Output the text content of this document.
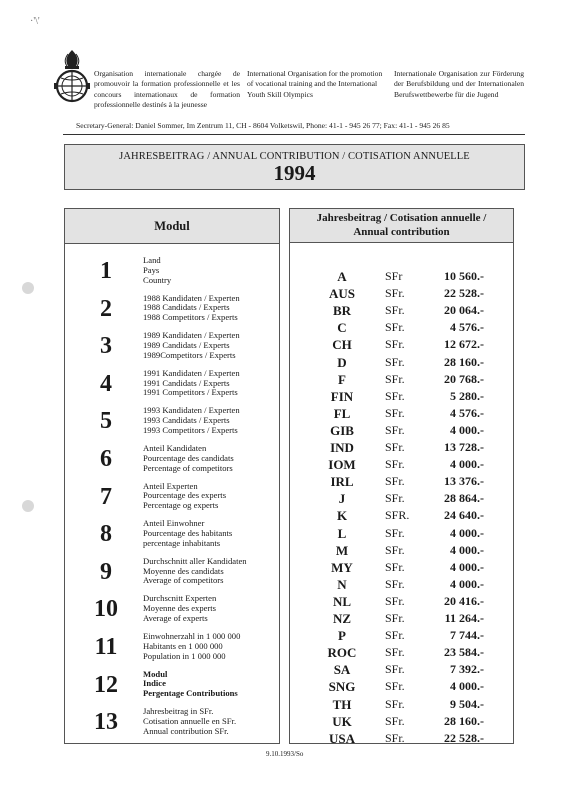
·'\'
Organisation internationale chargée de promouvoir la formation professionnelle et les concours internationaux de formation professionnelle destinés à la jeunesse
International Organisation for the promotion of vocational training and the International Youth Skill Olympics
Internationale Organisation zur Förderung der Berufsbildung und der Internationalen Berufswettbewerbe für die Jugend
Secretary-General: Daniel Sommer, Im Zentrum 11, CH - 8604 Volketswil, Phone: 41-1 - 945 26 77; Fax: 41-1 - 945 26 85
JAHRESBEITRAG / ANNUAL CONTRIBUTION / COTISATION ANNUELLE
1994
Modul
1	Land
Pays
Country
2	1988 Kandidaten / Experten
1988 Candidats / Experts
1988 Competitors / Experts
3	1989 Kandidaten / Experten
1989 Candidats / Experts
1989Competitors / Experts
4	1991 Kandidaten / Experten
1991 Candidats / Experts
1991 Competitors / Experts
5	1993 Kandidaten / Experten
1993 Candidats / Experts
1993 Competitors / Experts
6	Anteil Kandidaten
Pourcentage des candidats
Percentage of competitors
7	Anteil Experten
Pourcentage des experts
Percentage og experts
8	Anteil Einwohner
Pourcentage des habitants
percentage inhabitants
9	Durchschnitt aller Kandidaten
Moyenne des candidats
Average of competitors
10	Durchscnitt Experten
Moyenne des experts
Average of experts
11	Einwohnerzahl in 1 000 000
Habitants en 1 000 000
Population in 1 000 000
12	Modul
Indice
Pergentage Contributions
13	Jahresbeitrag in SFr.
Cotisation annuelle en SFr.
Annual contribution SFr.
Jahresbeitrag / Cotisation annuelle /
Annual contribution
A	SFr	10 560.-
AUS	SFr.	22 528.-
BR	SFr.	20 064.-
C	SFr.	4 576.-
CH	SFr.	12 672.-
D	SFr.	28 160.-
F	SFr.	20 768.-
FIN	SFr.	5 280.-
FL	SFr.	4 576.-
GIB	SFr.	4 000.-
IND	SFr.	13 728.-
IOM	SFr.	4 000.-
IRL	SFr.	13 376.-
J	SFr.	28 864.-
K	SFR.	24 640.-
L	SFr.	4 000.-
M	SFr.	4 000.-
MY	SFr.	4 000.-
N	SFr.	4 000.-
NL	SFr.	20 416.-
NZ	SFr.	11 264.-
P	SFr.	7 744.-
ROC	SFr.	23 584.-
SA	SFr.	7 392.-
SNG	SFr.	4 000.-
TH	SFr.	9 504.-
UK	SFr.	28 160.-
USA	SFr.	22 528.-
9.10.1993/So
